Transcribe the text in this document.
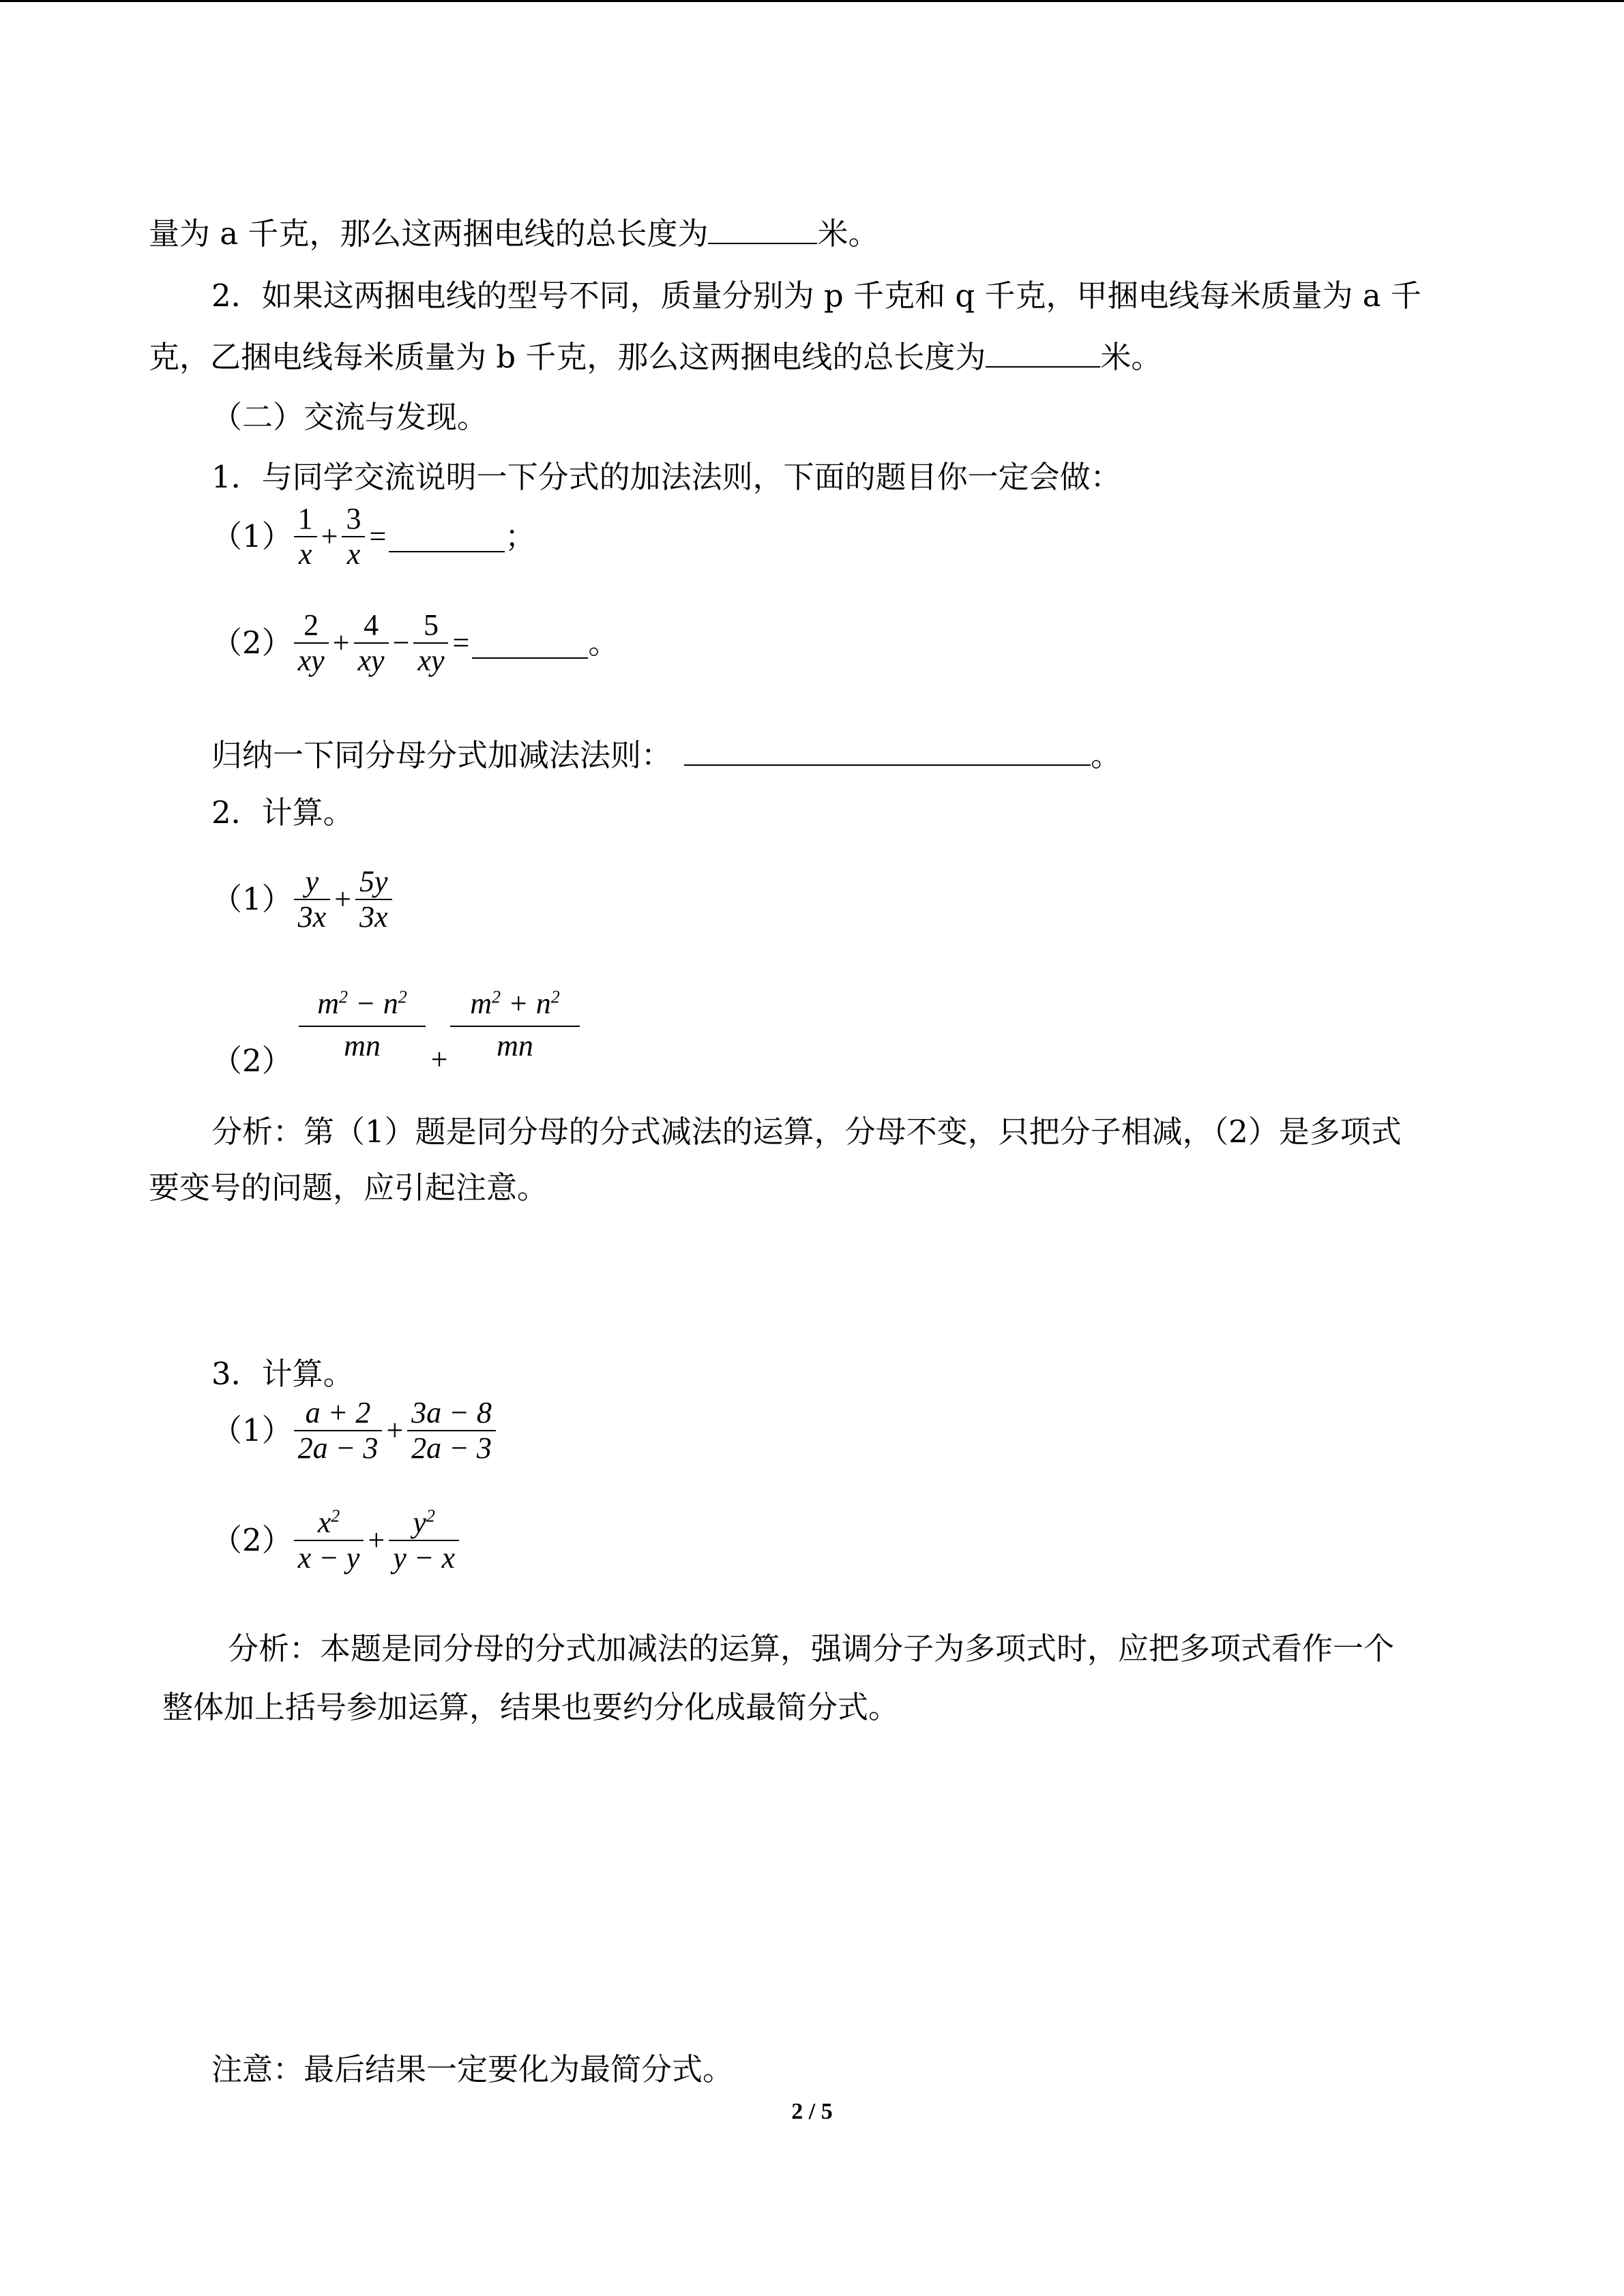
量为 a 千克，那么这两捆电线的总长度为	米。
2．如果这两捆电线的型号不同，质量分别为 p 千克和 q 千克，甲捆电线每米质量为 a 千
克，乙捆电线每米质量为 b 千克，那么这两捆电线的总长度为	米。
（二）交流与发现。
1．与同学交流说明一下分式的加法法则，下面的题目你一定会做：
$(1) \frac{1}{x} + \frac{3}{x}$ =	；
$(2) \frac{2}{xy} + \frac{4}{xy} - \frac{5}{xy}$ =	。
归纳一下同分母分式加减法法则：	。
2．计算。
$(1) \frac{y}{3x} + \frac{5y}{3x}$
（2）
$m^2 - n^2$
mn	+
$m^2 + n^2$
mn
分析：第（1）题是同分母的分式减法的运算，分母不变，只把分子相减，（2）是多项式
要变号的问题，应引起注意。
3．计算。
$(1) \frac{a + 2}{2a - 3} + \frac{3a - 8}{2a - 3}$
$(2) \frac{x^2}{x - y} + \frac{y^2}{y - x}$
分析：本题是同分母的分式加减法的运算，强调分子为多项式时，应把多项式看作一个
整体加上括号参加运算，结果也要约分化成最简分式。
注意：最后结果一定要化为最简分式。
2 / 5
